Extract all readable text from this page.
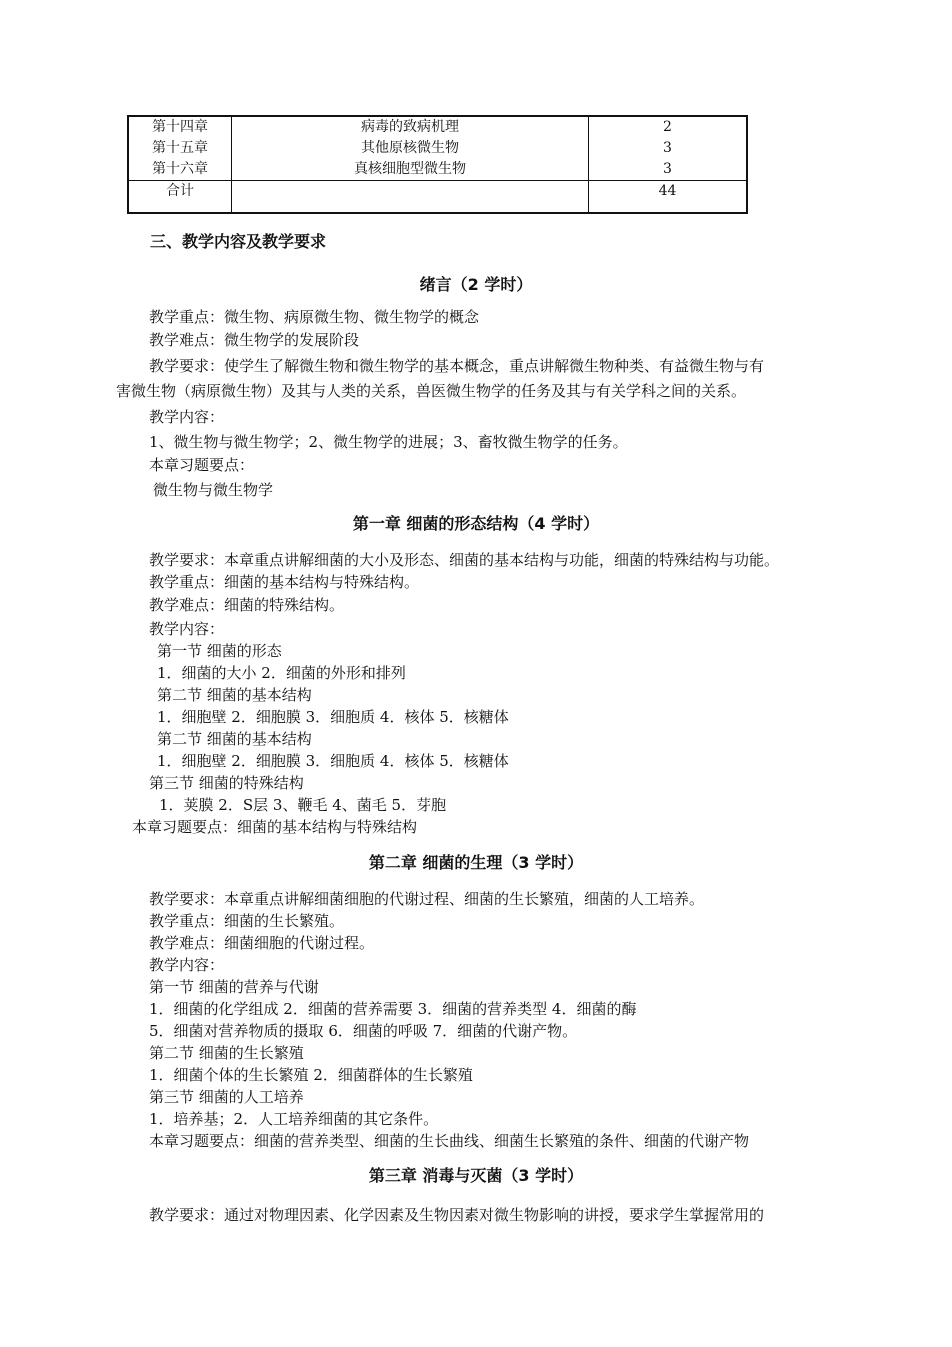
第十四章	病毒的致病机理	2
第十五章	其他原核微生物	3
第十六章	真核细胞型微生物	3
合计		44
三、教学内容及教学要求
绪言（2 学时）
教学重点：微生物、病原微生物、微生物学的概念
教学难点：微生物学的发展阶段
教学要求：使学生了解微生物和微生物学的基本概念，重点讲解微生物种类、有益微生物与有
害微生物（病原微生物）及其与人类的关系，兽医微生物学的任务及其与有关学科之间的关系。
教学内容：
1、微生物与微生物学；2、微生物学的进展；3、畜牧微生物学的任务。
本章习题要点：
微生物与微生物学
第一章 细菌的形态结构（4 学时）
教学要求：本章重点讲解细菌的大小及形态、细菌的基本结构与功能，细菌的特殊结构与功能。
教学重点：细菌的基本结构与特殊结构。
教学难点：细菌的特殊结构。
教学内容：
第一节 细菌的形态
1．细菌的大小 2．细菌的外形和排列
第二节 细菌的基本结构
1．细胞壁 2．细胞膜 3．细胞质 4．核体 5．核糖体
第二节 细菌的基本结构
1．细胞壁 2．细胞膜 3．细胞质 4．核体 5．核糖体
第三节 细菌的特殊结构
1．荚膜 2．S层 3、鞭毛 4、菌毛 5．芽胞
本章习题要点：细菌的基本结构与特殊结构
第二章 细菌的生理（3 学时）
教学要求：本章重点讲解细菌细胞的代谢过程、细菌的生长繁殖，细菌的人工培养。
教学重点：细菌的生长繁殖。
教学难点：细菌细胞的代谢过程。
教学内容：
第一节 细菌的营养与代谢
1．细菌的化学组成 2．细菌的营养需要 3．细菌的营养类型 4．细菌的酶
5．细菌对营养物质的摄取 6．细菌的呼吸 7．细菌的代谢产物。
第二节 细菌的生长繁殖
1．细菌个体的生长繁殖 2．细菌群体的生长繁殖
第三节 细菌的人工培养
1．培养基；2．人工培养细菌的其它条件。
本章习题要点：细菌的营养类型、细菌的生长曲线、细菌生长繁殖的条件、细菌的代谢产物
第三章 消毒与灭菌（3 学时）
教学要求：通过对物理因素、化学因素及生物因素对微生物影响的讲授，要求学生掌握常用的
